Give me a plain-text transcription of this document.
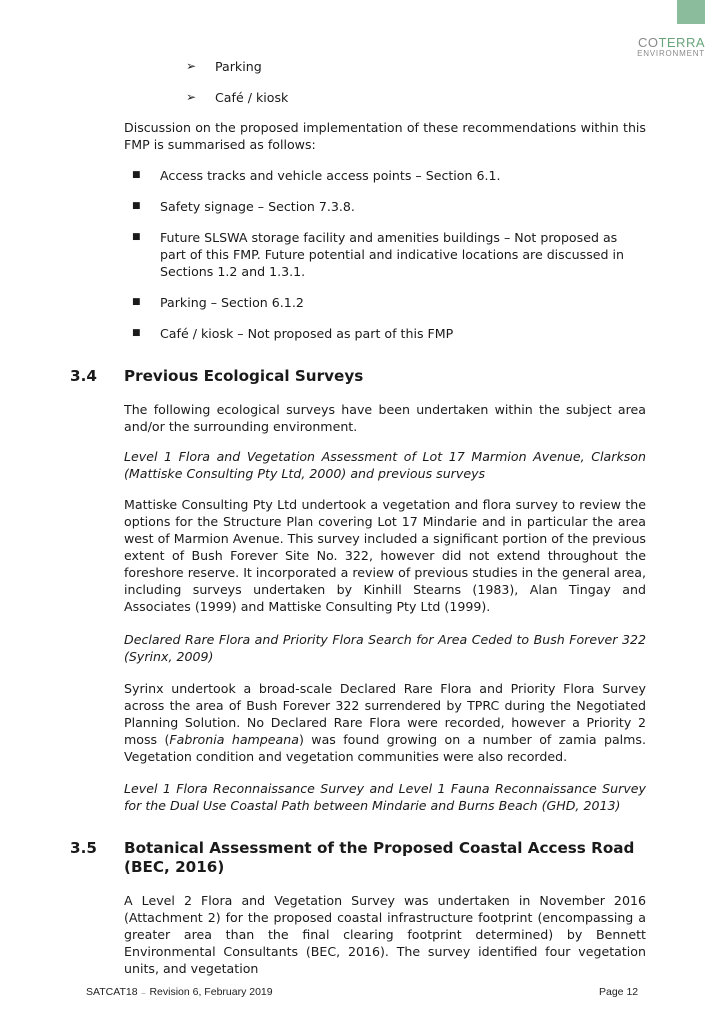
COTERRA
ENVIRONMENT
➢ Parking
➢ Café / kiosk

Discussion on the proposed implementation of these recommendations within this FMP is summarised as follows:

■ Access tracks and vehicle access points – Section 6.1.
■ Safety signage – Section 7.3.8.
■ Future SLSWA storage facility and amenities buildings – Not proposed as part of this FMP. Future potential and indicative locations are discussed in Sections 1.2 and 1.3.1.
■ Parking – Section 6.1.2
■ Café / kiosk – Not proposed as part of this FMP
3.4 Previous Ecological Surveys

The following ecological surveys have been undertaken within the subject area and/or the surrounding environment.

Level 1 Flora and Vegetation Assessment of Lot 17 Marmion Avenue, Clarkson (Mattiske Consulting Pty Ltd, 2000) and previous surveys

Mattiske Consulting Pty Ltd undertook a vegetation and flora survey to review the options for the Structure Plan covering Lot 17 Mindarie and in particular the area west of Marmion Avenue. This survey included a significant portion of the previous extent of Bush Forever Site No. 322, however did not extend throughout the foreshore reserve. It incorporated a review of previous studies in the general area, including surveys undertaken by Kinhill Stearns (1983), Alan Tingay and Associates (1999) and Mattiske Consulting Pty Ltd (1999).

Declared Rare Flora and Priority Flora Search for Area Ceded to Bush Forever 322 (Syrinx, 2009)

Syrinx undertook a broad-scale Declared Rare Flora and Priority Flora Survey across the area of Bush Forever 322 surrendered by TPRC during the Negotiated Planning Solution. No Declared Rare Flora were recorded, however a Priority 2 moss (Fabronia hampeana) was found growing on a number of zamia palms. Vegetation condition and vegetation communities were also recorded.

Level 1 Flora Reconnaissance Survey and Level 1 Fauna Reconnaissance Survey for the Dual Use Coastal Path between Mindarie and Burns Beach (GHD, 2013)

3.5 Botanical Assessment of the Proposed Coastal Access Road (BEC, 2016)

A Level 2 Flora and Vegetation Survey was undertaken in November 2016 (Attachment 2) for the proposed coastal infrastructure footprint (encompassing a greater area than the final clearing footprint determined) by Bennett Environmental Consultants (BEC, 2016). The survey identified four vegetation units, and vegetation

SATCAT18 – Revision 6, February 2019	Page 12
